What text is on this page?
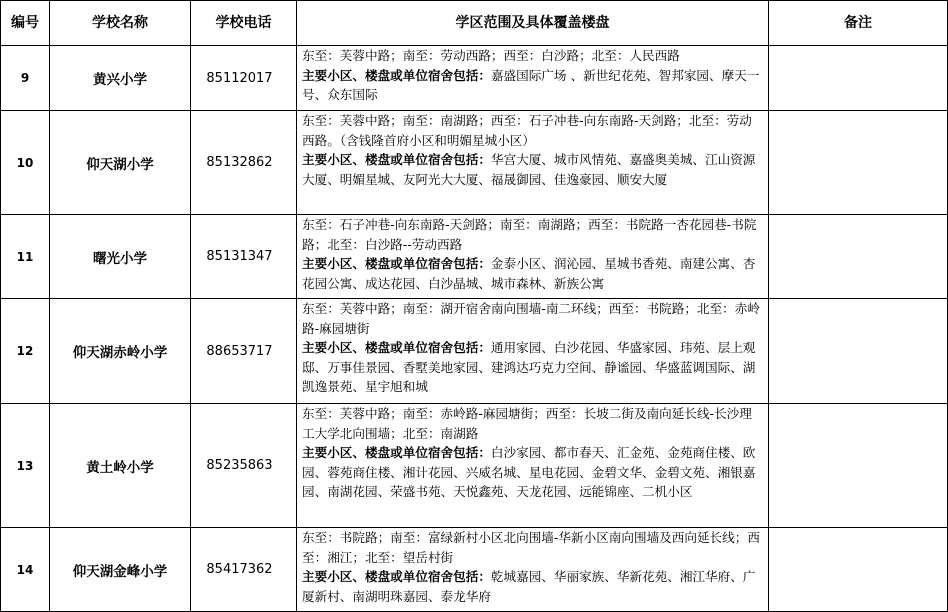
编号	学校名称	学校电话	学区范围及具体覆盖楼盘	备注
9	黄兴小学	85112017	东至：芙蓉中路；南至：劳动西路；西至：白沙路；北至：人民西路
主要小区、楼盘或单位宿舍包括：嘉盛国际广场 、新世纪花苑、智邦家园、摩天一号、众东国际	
10	仰天湖小学	85132862	东至：芙蓉中路；南至：南湖路；西至：石子冲巷-向东南路-天剑路；北至：劳动西路。（含钱隆首府小区和明媚星城小区）
主要小区、楼盘或单位宿舍包括：华宫大厦、城市风情苑、嘉盛奥美城、江山资源大厦、明媚星城、友阿光大大厦、福晟御园、佳逸豪园、顺安大厦	
11	曙光小学	85131347	东至：石子冲巷-向东南路-天剑路；南至：南湖路；西至：书院路一杏花园巷-书院路；北至：白沙路--劳动西路
主要小区、楼盘或单位宿舍包括：金泰小区、润沁园、星城书香苑、南建公寓、杏花园公寓、成达花园、白沙晶城、城市森林、新族公寓	
12	仰天湖赤岭小学	88653717	东至：芙蓉中路；南至：湖开宿舍南向围墙-南二环线；西至：书院路；北至：赤岭路-麻园塘街
主要小区、楼盘或单位宿舍包括：通用家园、白沙花园、华盛家园、玮苑、层上观邸、万事佳景园、香墅美地家园、建鸿达巧克力空间、静谧园、华盛蓝调国际、湖凯逸景苑、星宇旭和城	
13	黄土岭小学	85235863	东至：芙蓉中路；南至：赤岭路-麻园塘街；西至：长坡二街及南向延长线-长沙理工大学北向围墙；北至：南湖路
主要小区、楼盘或单位宿舍包括：白沙家园、都市春天、汇金苑、金苑商住楼、欧园、蓉苑商住楼、湘计花园、兴威名城、星电花园、金碧文华、金碧文苑、湘银嘉园、南湖花园、荣盛书苑、天悦鑫苑、天龙花园、远能锦座、二机小区	
14	仰天湖金峰小学	85417362	东至：书院路；南至：富绿新村小区北向围墙-华新小区南向围墙及西向延长线；西至：湘江；北至：望岳村街
主要小区、楼盘或单位宿舍包括：乾城嘉园、华丽家族、华新花苑、湘江华府、广厦新村、南湖明珠嘉园、泰龙华府	
